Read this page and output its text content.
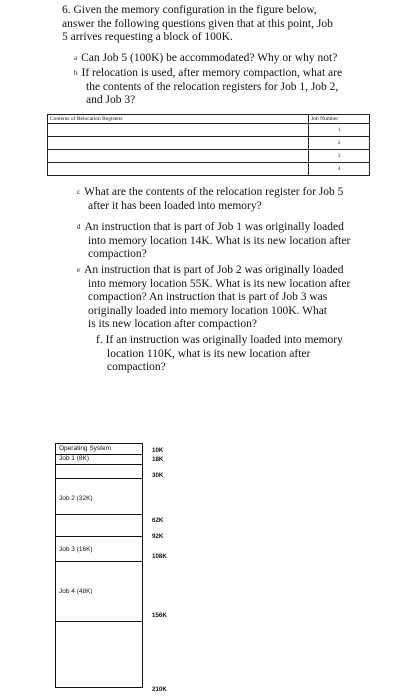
6. Given the memory configuration in the figure below,
answer the following questions given that at this point, Job
5 arrives requesting a block of 100K.
a Can Job 5 (100K) be accommodated? Why or why not?
b If relocation is used, after memory compaction, what are
the contents of the relocation registers for Job 1, Job 2,
and Job 3?
Contents of Relocation Registers	Job Number
	1
	2
	3
	4
c What are the contents of the relocation register for Job 5
after it has been loaded into memory?
d An instruction that is part of Job 1 was originally loaded
into memory location 14K. What is its new location after
compaction?
e An instruction that is part of Job 2 was originally loaded
into memory location 55K. What is its new location after
compaction? An instruction that is part of Job 3 was
originally loaded into memory location 100K. What
is its new location after compaction?
f. If an instruction was originally loaded into memory
location 110K, what is its new location after
compaction?
Operating System
Job 1 (8K)
Job 2 (32K)
Job 3 (16K)
Job 4 (48K)
10K
18K
30K
62K
92K
108K
156K
210K
